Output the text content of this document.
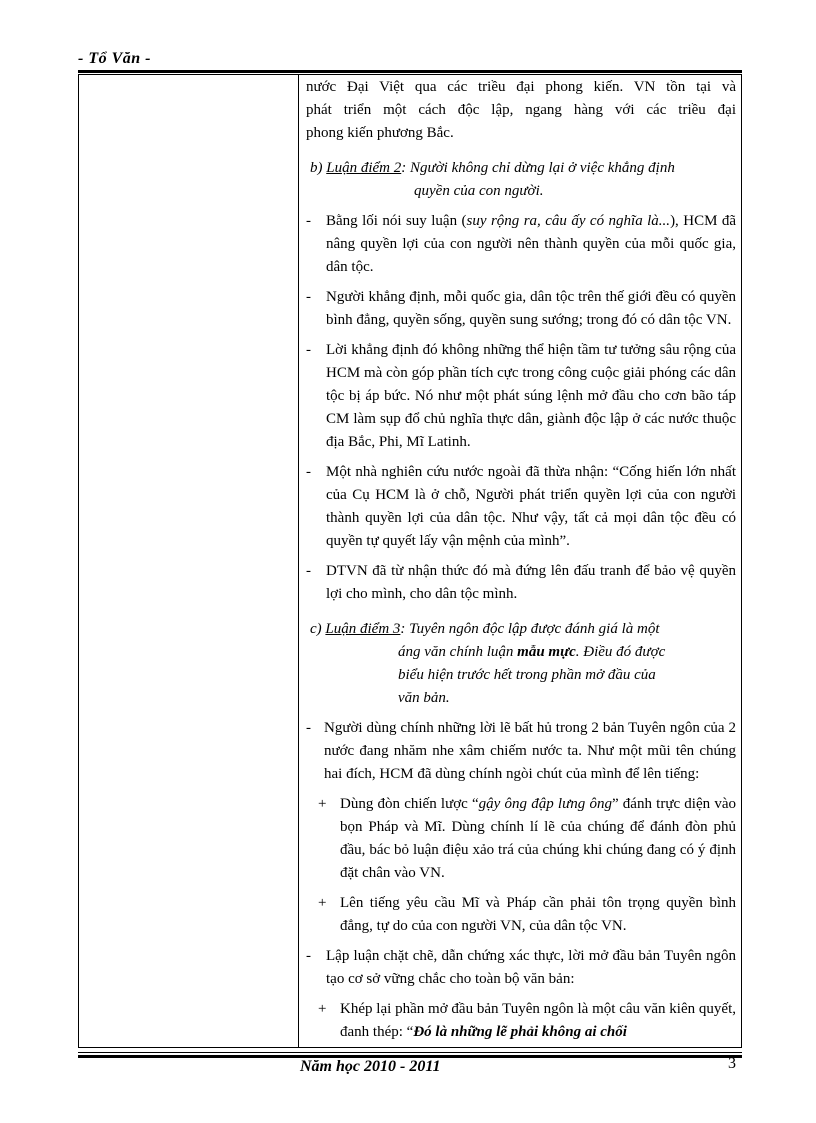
- Tổ Văn -
nước Đại Việt qua các triều đại phong kiến. VN tồn tại và
phát triển một cách độc lập, ngang hàng với các triều đại
phong kiến phương Bắc.
b) Luận điểm 2: Người không chỉ dừng lại ở việc khẳng định
quyền của con người.
- Bằng lối nói suy luận (suy rộng ra, câu ấy có nghĩa là...), HCM đã nâng quyền lợi của con người nên thành quyền của mỗi quốc gia, dân tộc.
- Người khẳng định, mỗi quốc gia, dân tộc trên thế giới đều có quyền bình đẳng, quyền sống, quyền sung sướng; trong đó có dân tộc VN.
- Lời khẳng định đó không những thể hiện tầm tư tưởng sâu rộng của HCM mà còn góp phần tích cực trong công cuộc giải phóng các dân tộc bị áp bức. Nó như một phát súng lệnh mở đầu cho cơn bão táp CM làm sụp đổ chủ nghĩa thực dân, giành độc lập ở các nước thuộc địa Bắc, Phi, Mĩ Latinh.
- Một nhà nghiên cứu nước ngoài đã thừa nhận: “Cống hiến lớn nhất của Cụ HCM là ở chỗ, Người phát triển quyền lợi của con người thành quyền lợi của dân tộc. Như vậy, tất cả mọi dân tộc đều có quyền tự quyết lấy vận mệnh của mình”.
- DTVN đã từ nhận thức đó mà đứng lên đấu tranh để bảo vệ quyền lợi cho mình, cho dân tộc mình.
c) Luận điểm 3: Tuyên ngôn độc lập được đánh giá là một
áng văn chính luận mẫu mực. Điều đó được
biểu hiện trước hết trong phần mở đầu của
văn bản.
- Người dùng chính những lời lẽ bất hủ trong 2 bản Tuyên ngôn của 2 nước đang nhăm nhe xâm chiếm nước ta. Như một mũi tên chúng hai đích, HCM đã dùng chính ngòi chút của mình để lên tiếng:
+ Dùng đòn chiến lược “gậy ông đập lưng ông” đánh trực diện vào bọn Pháp và Mĩ. Dùng chính lí lẽ của chúng để đánh đòn phủ đầu, bác bỏ luận điệu xảo trá của chúng khi chúng đang có ý định đặt chân vào VN.
+ Lên tiếng yêu cầu Mĩ và Pháp cần phải tôn trọng quyền bình đẳng, tự do của con người VN, của dân tộc VN.
- Lập luận chặt chẽ, dẫn chứng xác thực, lời mở đầu bản Tuyên ngôn tạo cơ sở vững chắc cho toàn bộ văn bản:
+ Khép lại phần mở đầu bản Tuyên ngôn là một câu văn kiên quyết, đanh thép: “Đó là những lẽ phải không ai chối
Năm học 2010 - 2011	3
